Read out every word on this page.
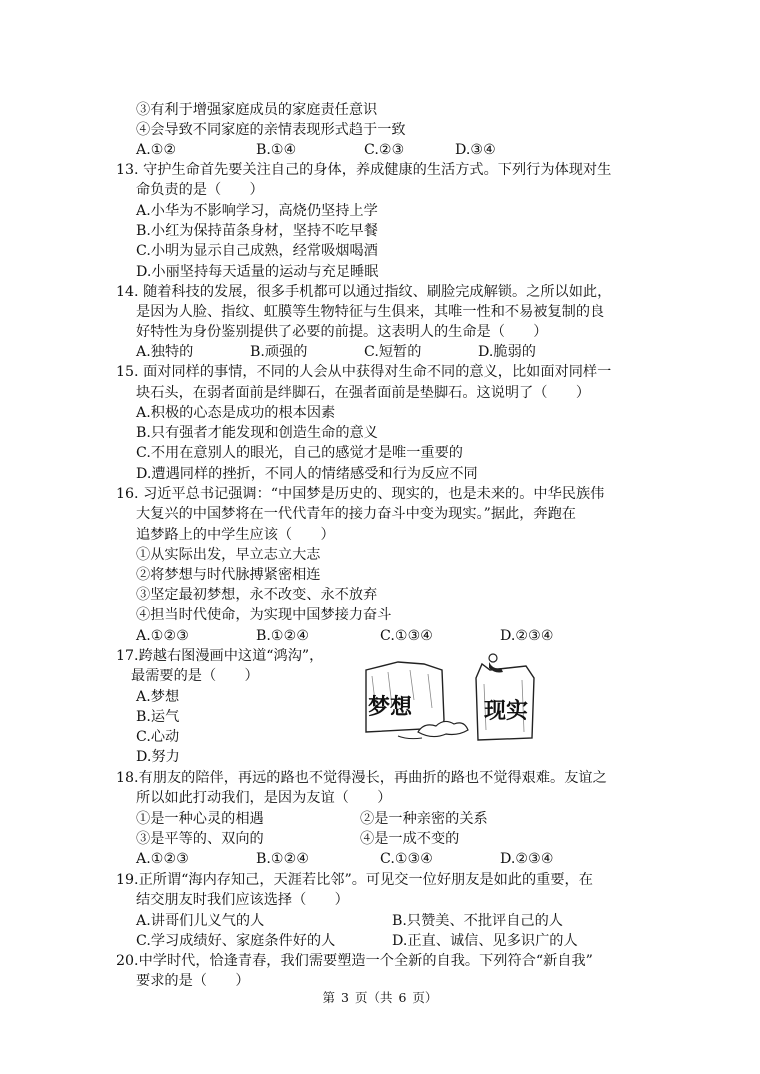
③有利于增强家庭成员的家庭责任意识
④会导致不同家庭的亲情表现形式趋于一致
A.①②	B.①④	C.②③	D.③④
13. 守护生命首先要关注自己的身体，养成健康的生活方式。下列行为体现对生
命负责的是（　　）
A.小华为不影响学习，高烧仍坚持上学
B.小红为保持苗条身材，坚持不吃早餐
C.小明为显示自己成熟，经常吸烟喝酒
D.小丽坚持每天适量的运动与充足睡眠
14. 随着科技的发展，很多手机都可以通过指纹、刷脸完成解锁。之所以如此，
是因为人脸、指纹、虹膜等生物特征与生俱来，其唯一性和不易被复制的良
好特性为身份鉴别提供了必要的前提。这表明人的生命是（　　）
A.独特的	B.顽强的	C.短暂的	D.脆弱的
15. 面对同样的事情，不同的人会从中获得对生命不同的意义，比如面对同样一
块石头，在弱者面前是绊脚石，在强者面前是垫脚石。这说明了（　　）
A.积极的心态是成功的根本因素
B.只有强者才能发现和创造生命的意义
C.不用在意别人的眼光，自己的感觉才是唯一重要的
D.遭遇同样的挫折，不同人的情绪感受和行为反应不同
16. 习近平总书记强调：“中国梦是历史的、现实的，也是未来的。中华民族伟
大复兴的中国梦将在一代代青年的接力奋斗中变为现实。”据此，奔跑在
追梦路上的中学生应该（　　）
①从实际出发，早立志立大志
②将梦想与时代脉搏紧密相连
③坚定最初梦想，永不改变、永不放弃
④担当时代使命，为实现中国梦接力奋斗
A.①②③	B.①②④	C.①③④	D.②③④
17.跨越右图漫画中这道“鸿沟”，
最需要的是（　　）
A.梦想
B.运气
C.心动
D.努力
梦想	现实
18.有朋友的陪伴，再远的路也不觉得漫长，再曲折的路也不觉得艰难。友谊之
所以如此打动我们，是因为友谊（　　）
①是一种心灵的相遇	②是一种亲密的关系
③是平等的、双向的	④是一成不变的
A.①②③	B.①②④	C.①③④	D.②③④
19.正所谓“海内存知己，天涯若比邻”。可见交一位好朋友是如此的重要，在
结交朋友时我们应该选择（　　）
A.讲哥们儿义气的人	B.只赞美、不批评自己的人
C.学习成绩好、家庭条件好的人	D.正直、诚信、见多识广的人
20.中学时代，恰逢青春，我们需要塑造一个全新的自我。下列符合“新自我”
要求的是（　　）
第 3 页（共 6 页）
